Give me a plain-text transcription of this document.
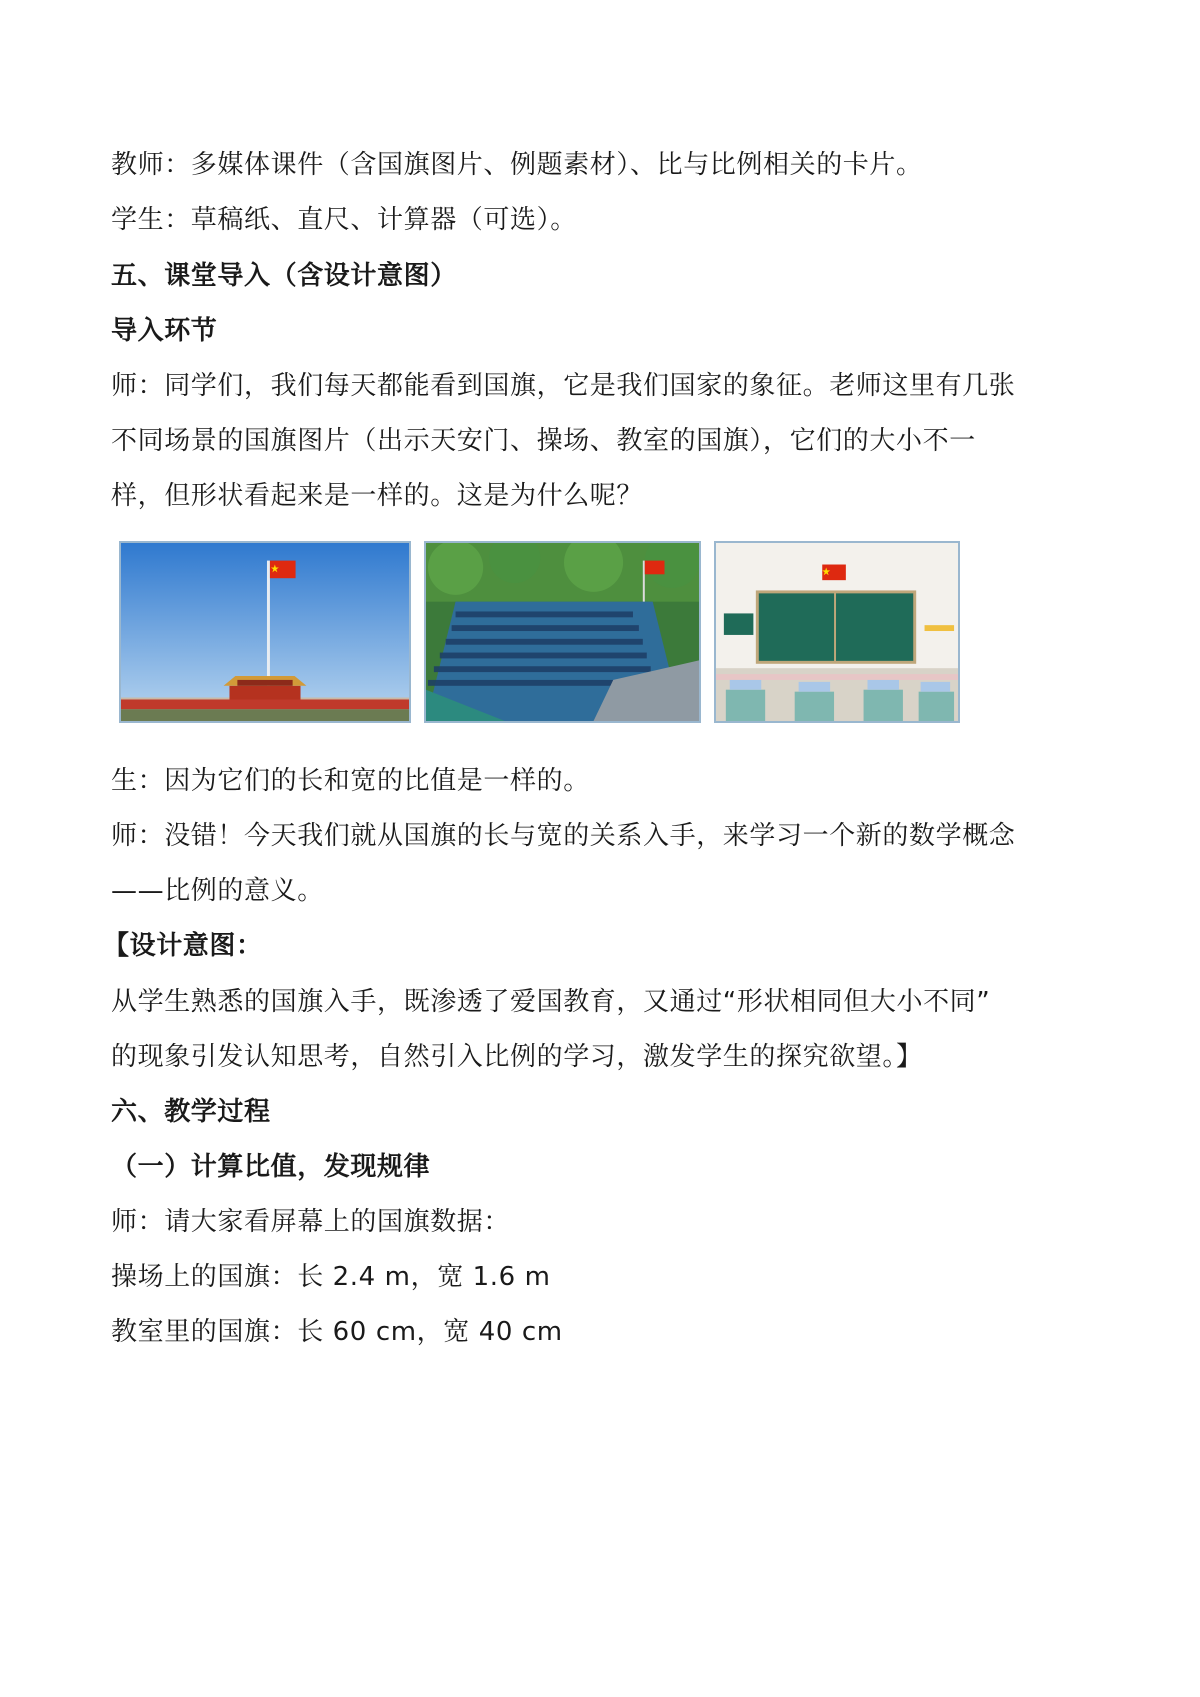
教师：多媒体课件（含国旗图片、例题素材）、比与比例相关的卡片。

学生：草稿纸、直尺、计算器（可选）。

五、课堂导入（含设计意图）

导入环节

师：同学们，我们每天都能看到国旗，它是我们国家的象征。老师这里有几张

不同场景的国旗图片（出示天安门、操场、教室的国旗），它们的大小不一

样，但形状看起来是一样的。这是为什么呢？

生：因为它们的长和宽的比值是一样的。

师：没错！今天我们就从国旗的长与宽的关系入手，来学习一个新的数学概念

——比例的意义。

【设计意图：

从学生熟悉的国旗入手，既渗透了爱国教育，又通过“形状相同但大小不同”

的现象引发认知思考，自然引入比例的学习，激发学生的探究欲望。】

六、教学过程

（一）计算比值，发现规律

师：请大家看屏幕上的国旗数据：

操场上的国旗：长 2.4 m，宽 1.6 m

教室里的国旗：长 60 cm，宽 40 cm
